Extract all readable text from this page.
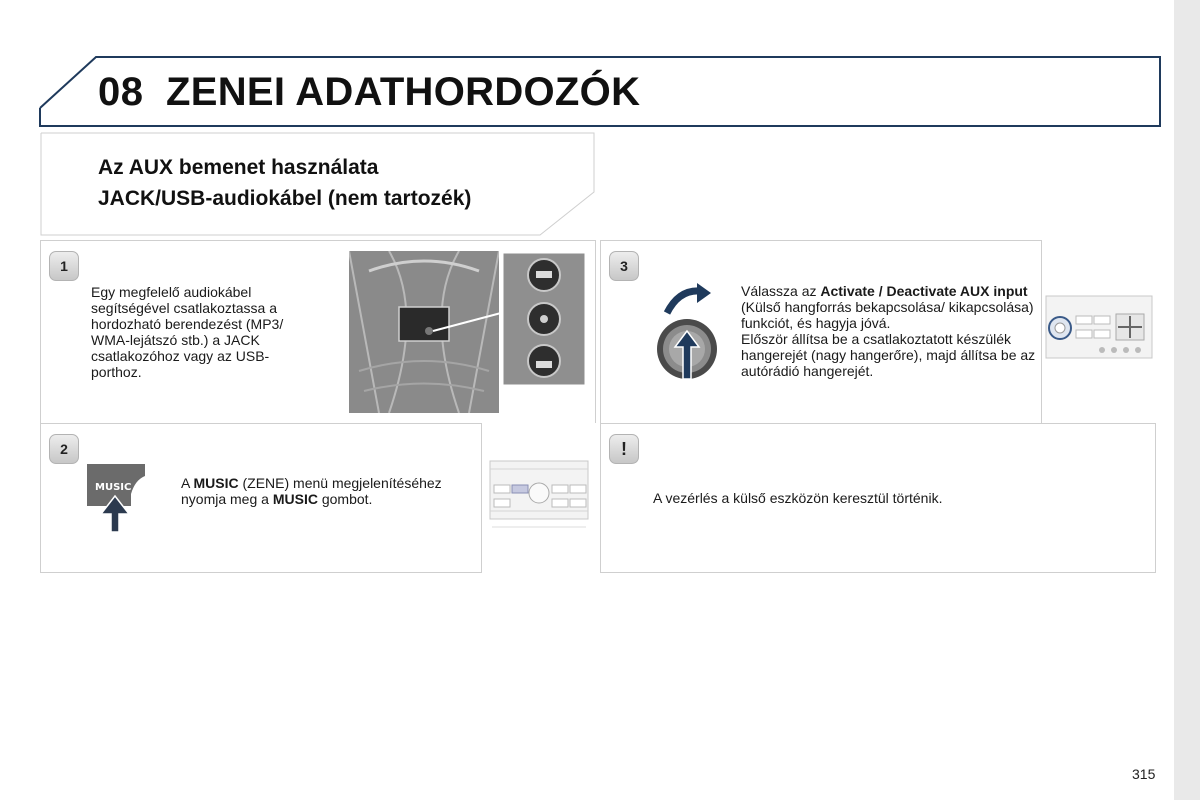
08 ZENEI ADATHORDOZÓK
Az AUX bemenet használata
JACK/USB-audiokábel (nem tartozék)
1
Egy megfelelő audiokábel segítségével csatlakoztassa a hordozható berendezést (MP3/ WMA-lejátszó stb.) a JACK csatlakozóhoz vagy az USB-porthoz.
2
MUSIC	A MUSIC (ZENE) menü megjelenítéséhez nyomja meg a MUSIC gombot.
3

Válassza az Activate / Deactivate AUX input (Külső hangforrás bekapcsolása/ kikapcsolása) funkciót, és hagyja jóvá.

Először állítsa be a csatlakoztatott készülék hangerejét (nagy hangerőre), majd állítsa be az autórádió hangerejét.

!
A vezérlés a külső eszközön keresztül történik.
315
